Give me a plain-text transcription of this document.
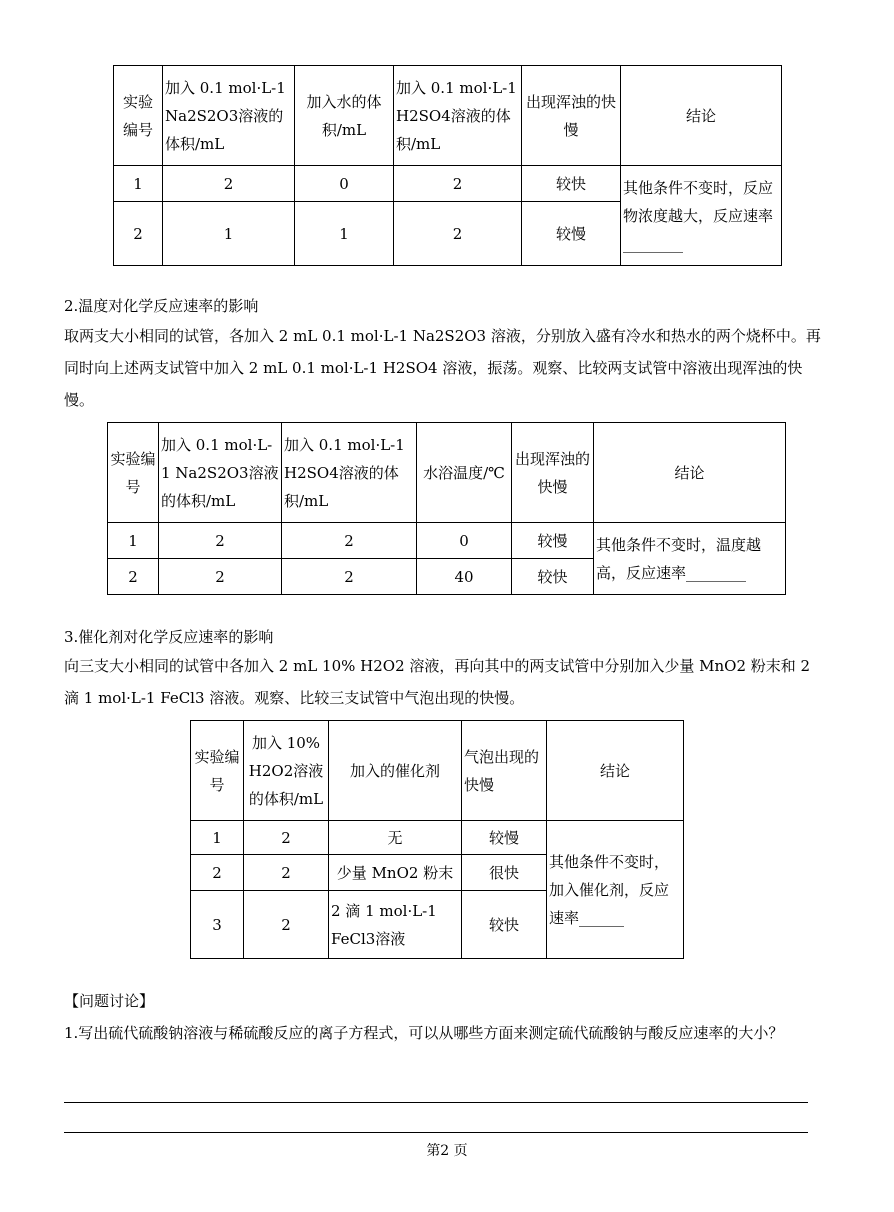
实验编号	加入 0.1 mol·L-1 Na2S2O3溶液的体积/mL	加入水的体积/mL	加入 0.1 mol·L-1 H2SO4溶液的体积/mL	出现浑浊的快慢	结论
1	2	0	2	较快	其他条件不变时，反应物浓度越大，反应速率________
2	1	1	2	较慢	

2.温度对化学反应速率的影响

取两支大小相同的试管，各加入 2 mL 0.1 mol·L-1 Na2S2O3 溶液，分别放入盛有冷水和热水的两个烧杯中。再同时向上述两支试管中加入 2 mL 0.1 mol·L-1 H2SO4 溶液，振荡。观察、比较两支试管中溶液出现浑浊的快慢。

实验编号	加入 0.1 mol·L-1 Na2S2O3溶液的体积/mL	加入 0.1 mol·L-1 H2SO4溶液的体积/mL	水浴温度/℃	出现浑浊的快慢	结论
1	2	2	0	较慢	其他条件不变时，温度越高，反应速率________
2	2	2	40	较快	

3.催化剂对化学反应速率的影响

向三支大小相同的试管中各加入 2 mL 10% H2O2 溶液，再向其中的两支试管中分别加入少量 MnO2 粉末和 2 滴 1 mol·L-1 FeCl3 溶液。观察、比较三支试管中气泡出现的快慢。

实验编号	加入 10% H2O2溶液的体积/mL	加入的催化剂	气泡出现的快慢	结论
1	2	无	较慢	其他条件不变时，加入催化剂，反应速率______
2	2	少量 MnO2 粉末	很快	
3	2	2 滴 1 mol·L-1 FeCl3溶液	较快	

【问题讨论】

1.写出硫代硫酸钠溶液与稀硫酸反应的离子方程式，可以从哪些方面来测定硫代硫酸钠与酸反应速率的大小？

第2 页
